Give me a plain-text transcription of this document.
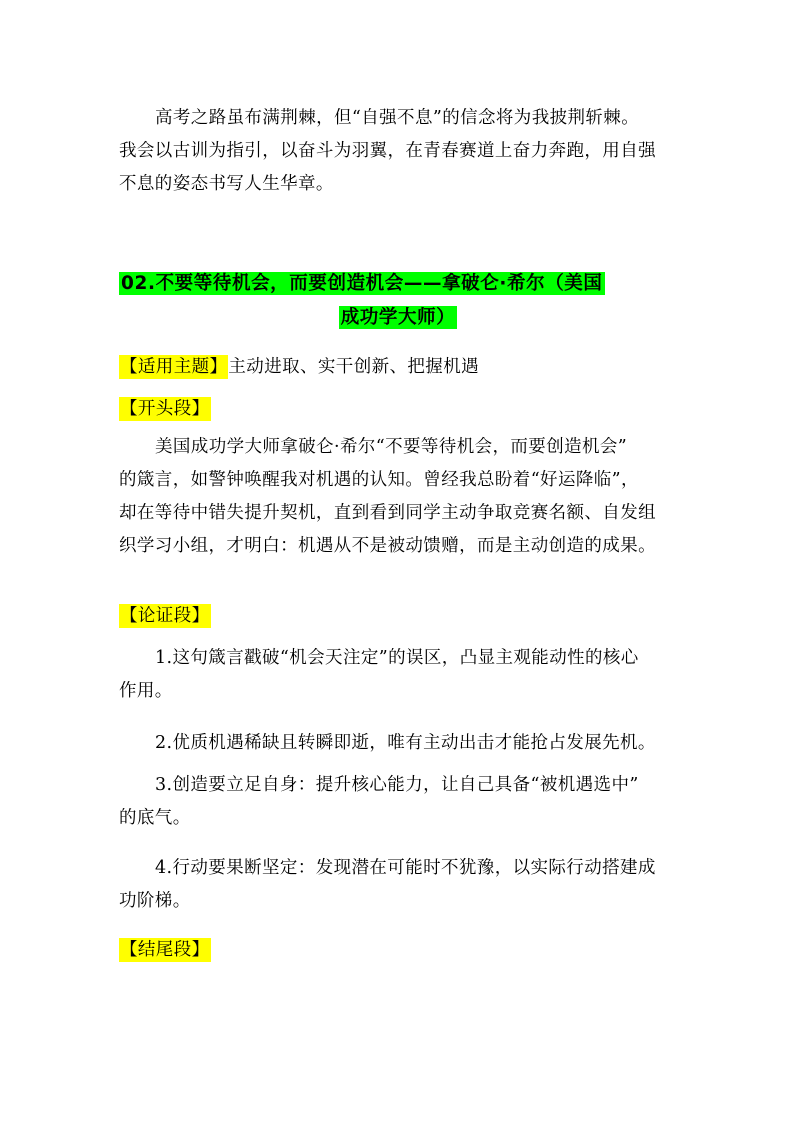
高考之路虽布满荆棘，但“自强不息”的信念将为我披荆斩棘。
我会以古训为指引，以奋斗为羽翼，在青春赛道上奋力奔跑，用自强
不息的姿态书写人生华章。
02.不要等待机会，而要创造机会——拿破仑·希尔（美国
成功学大师）
【适用主题】主动进取、实干创新、把握机遇
【开头段】
美国成功学大师拿破仑·希尔“不要等待机会，而要创造机会”
的箴言，如警钟唤醒我对机遇的认知。曾经我总盼着“好运降临”，
却在等待中错失提升契机，直到看到同学主动争取竞赛名额、自发组
织学习小组，才明白：机遇从不是被动馈赠，而是主动创造的成果。
【论证段】
1.这句箴言戳破“机会天注定”的误区，凸显主观能动性的核心
作用。
2.优质机遇稀缺且转瞬即逝，唯有主动出击才能抢占发展先机。
3.创造要立足自身：提升核心能力，让自己具备“被机遇选中”
的底气。
4.行动要果断坚定：发现潜在可能时不犹豫，以实际行动搭建成
功阶梯。
【结尾段】
